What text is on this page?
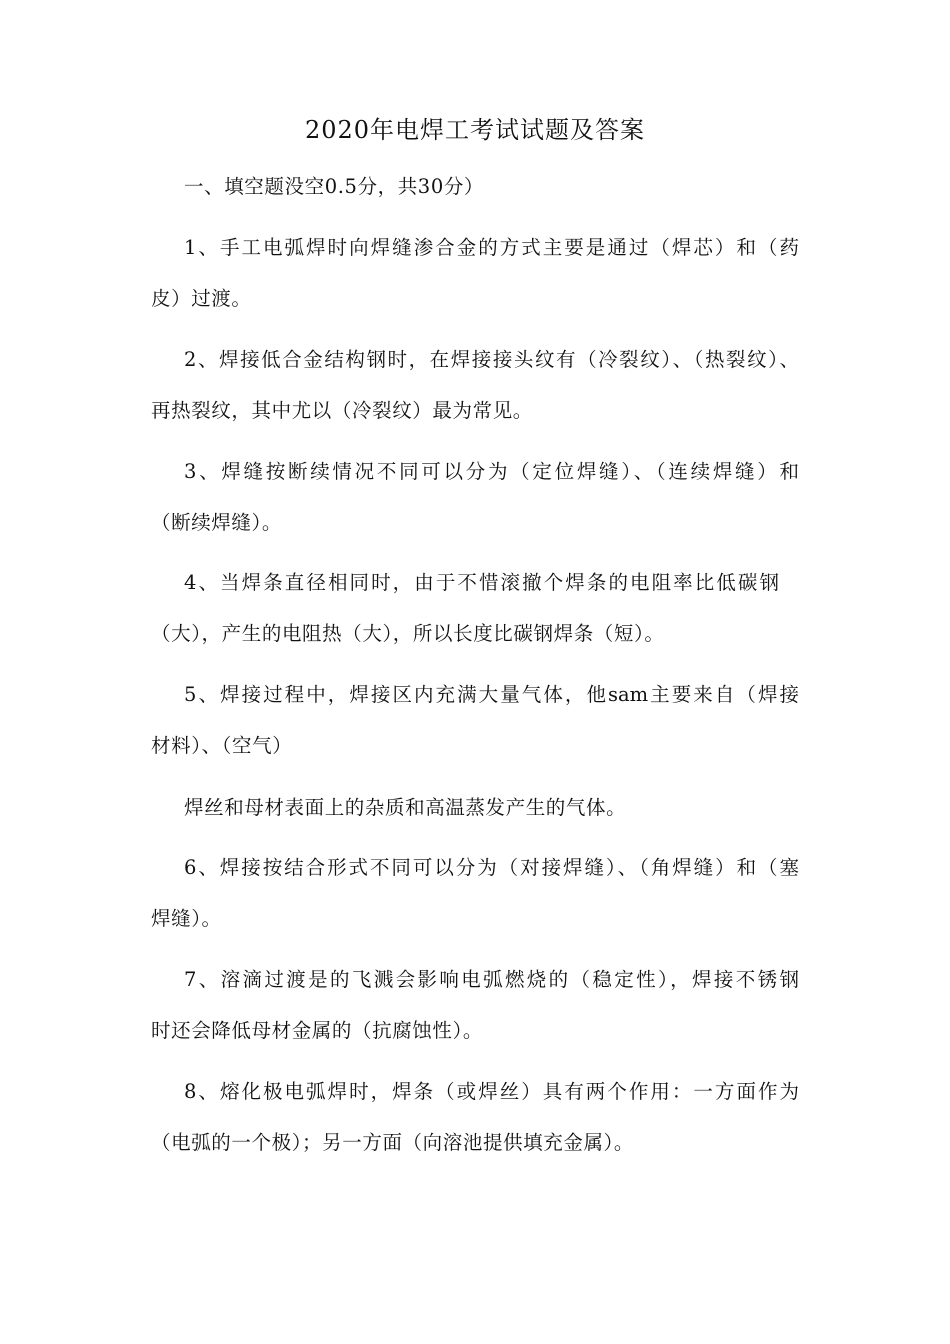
2020年电焊工考试试题及答案
一、填空题没空0.5分，共30分）
1、手工电弧焊时向焊缝渗合金的方式主要是通过（焊芯）和（药
皮）过渡。
2、焊接低合金结构钢时，在焊接接头纹有（冷裂纹）、（热裂纹）、
再热裂纹，其中尤以（冷裂纹）最为常见。
3、焊缝按断续情况不同可以分为（定位焊缝）、（连续焊缝）和
（断续焊缝）。
4、当焊条直径相同时，由于不惜滚撤个焊条的电阻率比低碳钢
（大），产生的电阻热（大），所以长度比碳钢焊条（短）。
5、焊接过程中，焊接区内充满大量气体，他sam主要来自（焊接
材料）、（空气）
焊丝和母材表面上的杂质和高温蒸发产生的气体。
6、焊接按结合形式不同可以分为（对接焊缝）、（角焊缝）和（塞
焊缝）。
7、溶滴过渡是的飞溅会影响电弧燃烧的（稳定性），焊接不锈钢
时还会降低母材金属的（抗腐蚀性）。
8、熔化极电弧焊时，焊条（或焊丝）具有两个作用：一方面作为
（电弧的一个极）；另一方面（向溶池提供填充金属）。
